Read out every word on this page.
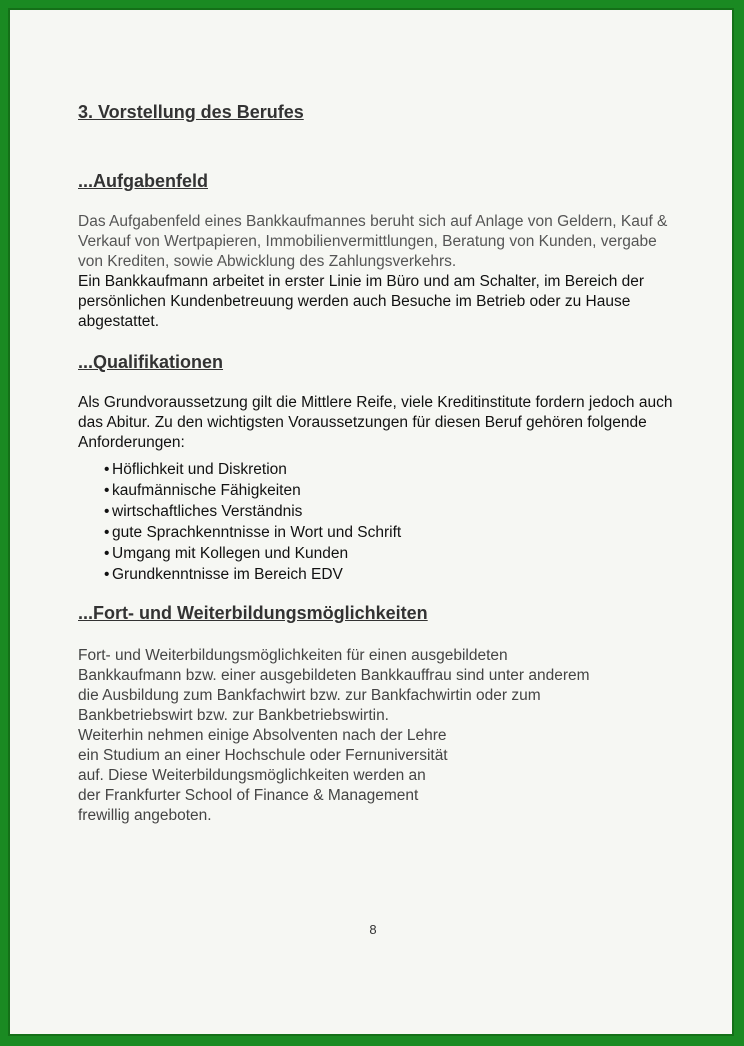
3. Vorstellung des Berufes
...Aufgabenfeld

Das Aufgabenfeld eines Bankkaufmannes beruht sich auf Anlage von Geldern, Kauf & Verkauf von Wertpapieren, Immobilienvermittlungen, Beratung von Kunden, vergabe von Krediten, sowie Abwicklung des Zahlungsverkehrs.

Ein Bankkaufmann arbeitet in erster Linie im Büro und am Schalter, im Bereich der persönlichen Kundenbetreuung werden auch Besuche im Betrieb oder zu Hause abgestattet.

...Qualifikationen

Als Grundvoraussetzung gilt die Mittlere Reife, viele Kreditinstitute fordern jedoch auch das Abitur. Zu den wichtigsten Voraussetzungen für diesen Beruf gehören folgende Anforderungen:

• Höflichkeit und Diskretion
• kaufmännische Fähigkeiten
• wirtschaftliches Verständnis
• gute Sprachkenntnisse in Wort und Schrift
• Umgang mit Kollegen und Kunden
• Grundkenntnisse im Bereich EDV
...Fort- und Weiterbildungsmöglichkeiten

Fort- und Weiterbildungsmöglichkeiten für einen ausgebildeten
Bankkaufmann bzw. einer ausgebildeten Bankkauffrau sind unter anderem
die Ausbildung zum Bankfachwirt bzw. zur Bankfachwirtin oder zum
Bankbetriebswirt bzw. zur Bankbetriebswirtin.
Weiterhin nehmen einige Absolventen nach der Lehre
ein Studium an einer Hochschule oder Fernuniversität
auf. Diese Weiterbildungsmöglichkeiten werden an
der Frankfurter School of Finance & Management
frewillig angeboten.

8
